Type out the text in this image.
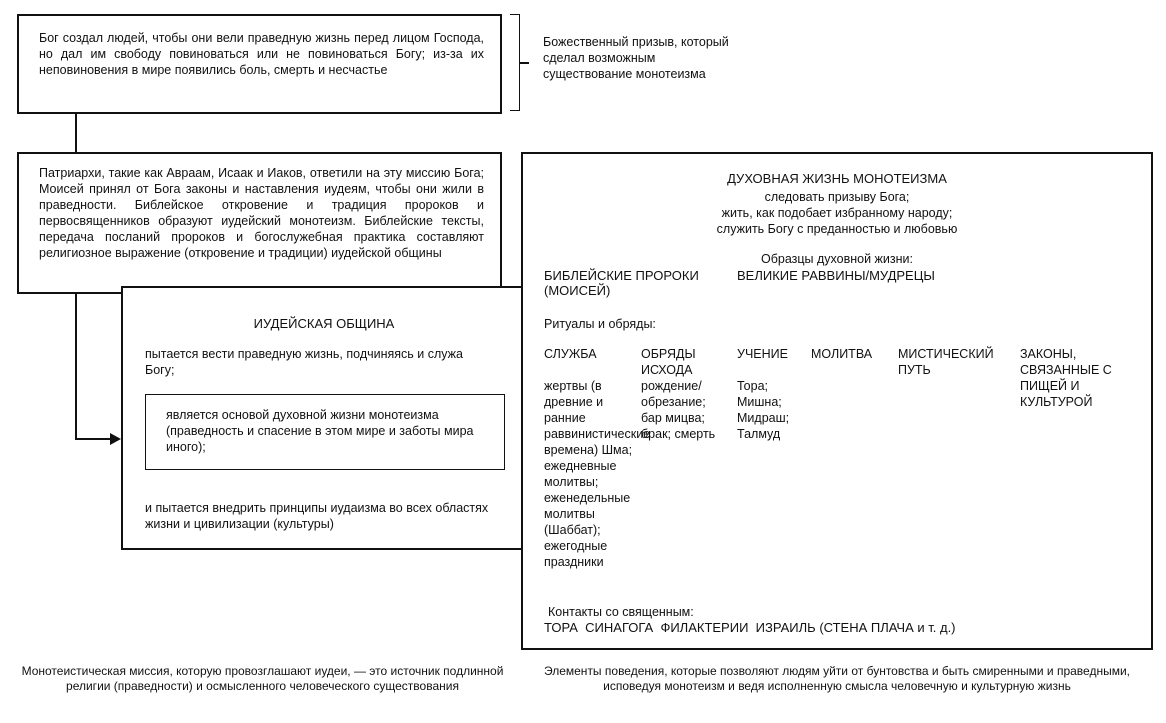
Бог создал людей, чтобы они вели праведную жизнь перед лицом Господа, но дал им свободу повиноваться или не повиноваться Богу; из-за их неповиновения в мире появились боль, смерть и несчастье
Божественный призыв, который сделал возможным существование монотеизма
Патриархи, такие как Авраам, Исаак и Иаков, ответили на эту миссию Бога; Моисей принял от Бога законы и наставления иудеям, чтобы они жили в праведности. Библейское откровение и традиция пророков и первосвященников образуют иудейский монотеизм. Библейские тексты, передача посланий пророков и богослужебная практика составляют религиозное выражение (откровение и традиции) иудейской общины
ИУДЕЙСКАЯ ОБЩИНА
пытается вести праведную жизнь, подчиняясь и служа Богу;
является основой духовной жизни монотеизма (праведность и спасение в этом мире и заботы мира иного);
и пытается внедрить принципы иудаизма во всех областях жизни и цивилизации (культуры)
ДУХОВНАЯ ЖИЗНЬ МОНОТЕИЗМА
следовать призыву Бога;
жить, как подобает избранному народу;
служить Богу с преданностью и любовью
Образцы духовной жизни:
БИБЛЕЙСКИЕ ПРОРОКИ (МОИСЕЙ)
ВЕЛИКИЕ РАВВИНЫ/МУДРЕЦЫ
Ритуалы и обряды:
СЛУЖБА
жертвы (в древние и ранние раввинистические времена) Шма; ежедневные молитвы; еженедельные молитвы (Шаббат); ежегодные праздники
ОБРЯДЫ ИСХОДА
рождение/ обрезание; бар мицва; брак; смерть
УЧЕНИЕ
Тора; Мишна; Мидраш; Талмуд
МОЛИТВА	МИСТИЧЕСКИЙ ПУТЬ
ЗАКОНЫ, СВЯЗАННЫЕ С ПИЩЕЙ И КУЛЬТУРОЙ
Контакты со священным:
ТОРА  СИНАГОГА  ФИЛАКТЕРИИ  ИЗРАИЛЬ (СТЕНА ПЛАЧА и т. д.)
Монотеистическая миссия, которую провозглашают иудеи, — это источник подлинной религии (праведности) и осмысленного человеческого существования
Элементы поведения, которые позволяют людям уйти от бунтовства и быть смиренными и праведными, исповедуя монотеизм и ведя исполненную смысла человечную и культурную жизнь
